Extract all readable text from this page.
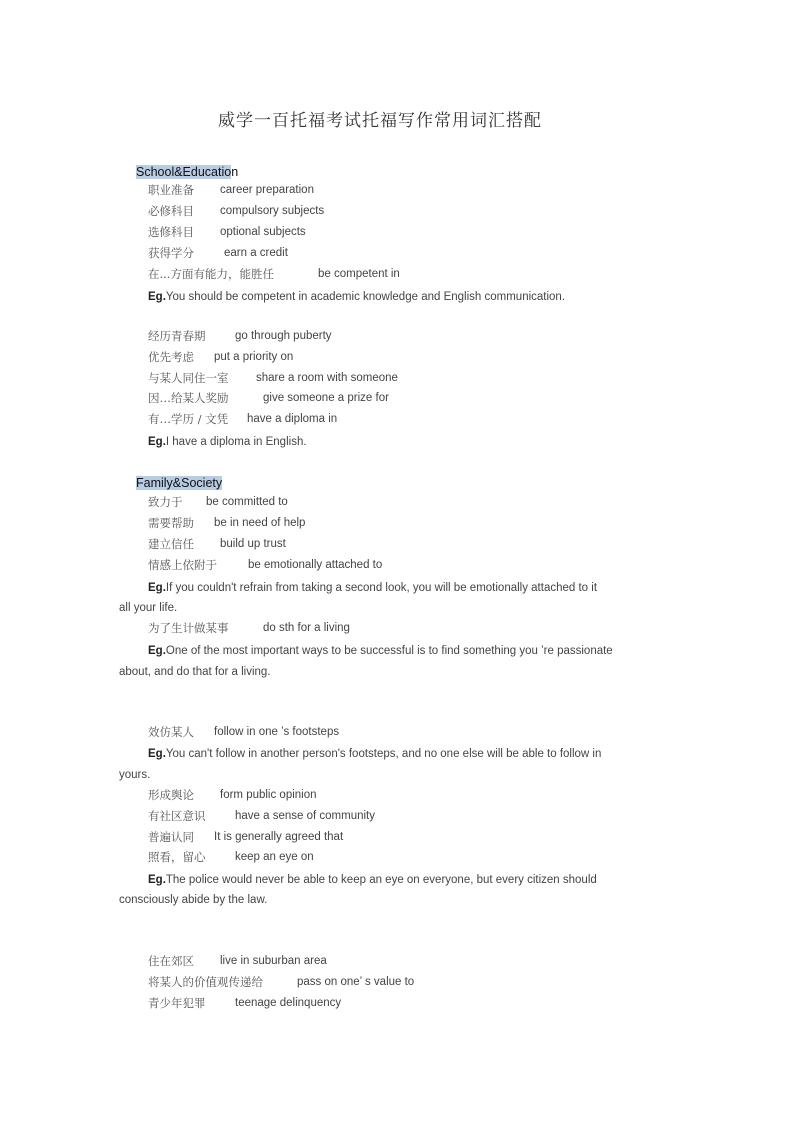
威学一百托福考试托福写作常用词汇搭配
School&Education
职业准备 career preparation
必修科目 compulsory subjects
选修科目 optional subjects
获得学分	earn a credit
在...方面有能力，能胜任	be competent in
Eg.You should be competent in academic knowledge and English communication.
经历青春期	go through puberty
优先考虑 put a priority on
与某人同住一室 share a room with someone
因…给某人奖励	give someone a prize for
有…学历 / 文凭 have a diploma in
Eg.I have a diploma in English.
Family&Society
致力于 be committed to
需要帮助 be in need of help
建立信任 build up trust
情感上依附于	be emotionally attached to
Eg.If you couldn't refrain from taking a second look, you will be emotionally attached to it
all your life.
为了生计做某事	do sth for a living
Eg.One of the most important ways to be successful is to find something you ’re passionate
about, and do that for a living.
效仿某人 follow in one ’s footsteps
Eg.You can't follow in another person's footsteps, and no one else will be able to follow in
yours.
形成舆论 form public opinion
有社区意识	have a sense of community
普遍认同 It is generally agreed that
照看，留心	keep an eye on
Eg.The police would never be able to keep an eye on everyone, but every citizen should
consciously abide by the law.
住在郊区 live in suburban area
将某人的价值观传递给	pass on one’ s value to
青少年犯罪	teenage delinquency
